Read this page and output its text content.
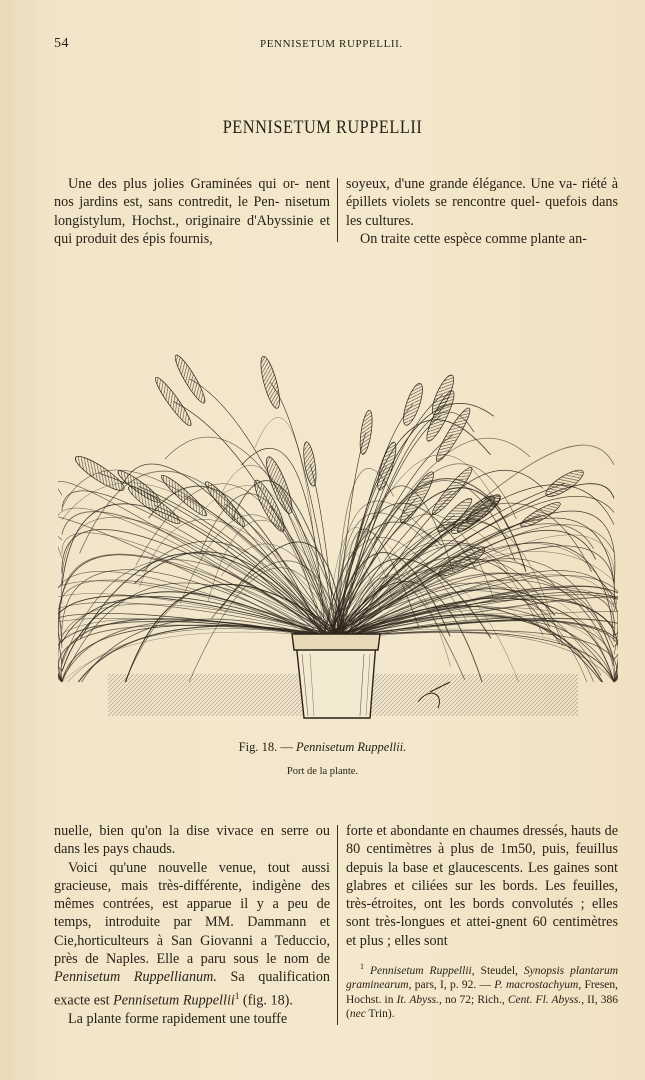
54	PENNISETUM RUPPELLII.
PENNISETUM RUPPELLII

Une des plus jolies Graminées qui or- nent nos jardins est, sans contredit, le Pen- nisetum longistylum, Hochst., originaire d'Abyssinie et qui produit des épis fournis,

soyeux, d'une grande élégance. Une va- riété à épillets violets se rencontre quel- quefois dans les cultures.

On traite cette espèce comme plante an-

Fig. 18. — Pennisetum Ruppellii.
Port de la plante.

nuelle, bien qu'on la dise vivace en serre ou dans les pays chauds.

Voici qu'une nouvelle venue, tout aussi gracieuse, mais très-différente, indigène des mêmes contrées, est apparue il y a peu de temps, introduite par MM. Dammann et Cie,horticulteurs à San Giovanni a Teduccio, près de Naples. Elle a paru sous le nom de Pennisetum Ruppellianum. Sa qualification exacte est Pennisetum Ruppellii$^1$ (fig. 18).

La plante forme rapidement une touffe

forte et abondante en chaumes dressés, hauts de 80 centimètres à plus de 1m50, puis, feuillus depuis la base et glaucescents. Les gaines sont glabres et ciliées sur les bords. Les feuilles, très-étroites, ont les bords convolutés ; elles sont très-longues et attei-gnent 60 centimètres et plus ; elles sont

$^1$ Pennisetum Ruppellii, Steudel, Synopsis plantarum graminearum, pars, I, p. 92. — P. macrostachyum, Fresen, Hochst. in It. Abyss., no 72; Rich., Cent. Fl. Abyss., II, 386 (nec Trin).
